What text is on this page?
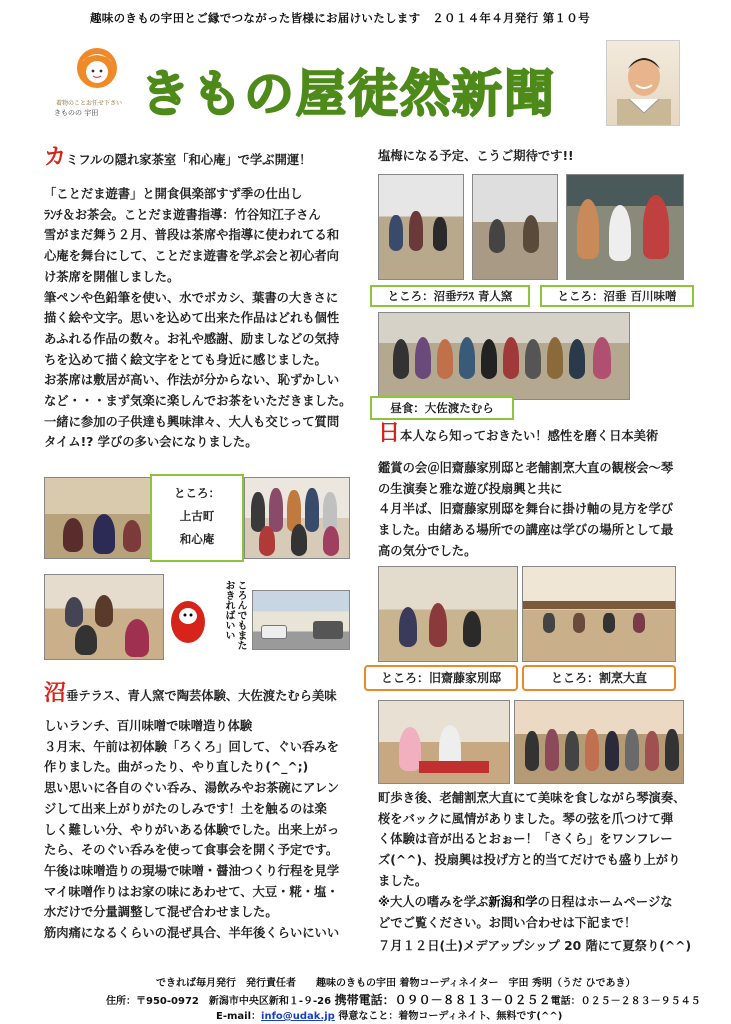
趣味のきもの宇田とご縁でつながった皆様にお届けいたします　２０１４年４月発行 第１０号
着物のことお任せ下さい
きものの 宇田 きもの屋徒然新聞
カミフルの隠れ家茶室「和心庵」で学ぶ開運！
「ことだま遊書」と開食倶楽部すず季の仕出し
ﾗﾝﾁ＆お茶会。ことだま遊書指導：竹谷知江子さん
雪がまだ舞う２月、普段は茶席や指導に使われてる和
心庵を舞台にして、ことだま遊書を学ぶ会と初心者向
け茶席を開催しました。
筆ペンや色鉛筆を使い、水でボカシ、葉書の大きさに
描く絵や文字。思いを込めて出来た作品はどれも個性
あふれる作品の数々。お礼や感謝、励ましなどの気持
ちを込めて描く絵文字をとても身近に感じました。
お茶席は敷居が高い、作法が分からない、恥ずかしい
など・・・まず気楽に楽しんでお茶をいただきました。
一緒に参加の子供達も興味津々、大人も交じって質問
タイム!? 学びの多い会になりました。
ところ：
上古町
和心庵
ころんでもまたおきればいい
沼垂テラス、青人窯で陶芸体験、大佐渡たむら美味
しいランチ、百川味噌で味噌造り体験
３月末、午前は初体験「ろくろ」回して、ぐい呑みを
作りました。曲がったり、やり直したり(^_^;)
思い思いに各自のぐい呑み、湯飲みやお茶碗にアレン
ジして出来上がりがたのしみです！土を触るのは楽
しく難しい分、やりがいある体験でした。出来上がっ
たら、そのぐい呑みを使って食事会を開く予定です。
午後は味噌造りの現場で味噌・醤油つくり行程を見学
マイ味噌作りはお家の味にあわせて、大豆・糀・塩・
水だけで分量調整して混ぜ合わせました。
筋肉痛になるくらいの混ぜ具合、半年後くらいにいい
塩梅になる予定、こうご期待です!!
ところ：沼垂ﾃﾗｽ 青人窯	ところ：沼垂 百川味噌
昼食：大佐渡たむら
日本人なら知っておきたい！感性を磨く日本美術
鑑賞の会＠旧齋藤家別邸と老舗割烹大直の観桜会～琴
の生演奏と雅な遊び投扇興と共に
４月半ば、旧齋藤家別邸を舞台に掛け軸の見方を学び
ました。由緒ある場所での講座は学びの場所として最
高の気分でした。
ところ：旧齋藤家別邸	ところ：割烹大直
町歩き後、老舗割烹大直にて美味を食しながら琴演奏、
桜をバックに風情がありました。琴の弦を爪つけて弾
く体験は音が出るとおぉー！「さくら」をワンフレー
ズ(^^)、投扇興は投げ方と的当てだけでも盛り上がり
ました。
※大人の嗜みを学ぶ新潟和学の日程はホームページな
どでご覧ください。お問い合わせは下記まで！
７月１２日(土)メデアップシップ 20 階にて夏祭り(^^)
できれば毎月発行　発行責任者　　趣味のきもの宇田 着物コーディネイター　宇田 秀明（うだ ひであき）
住所：〒950-0972　新潟市中央区新和１-９-26 携帯電話：０９０－８８１３－０２５２電話：０２５－２８３－９５４５
E-mail：info@udak.jp 得意なこと：着物コーディネイト、無料です(^^)
